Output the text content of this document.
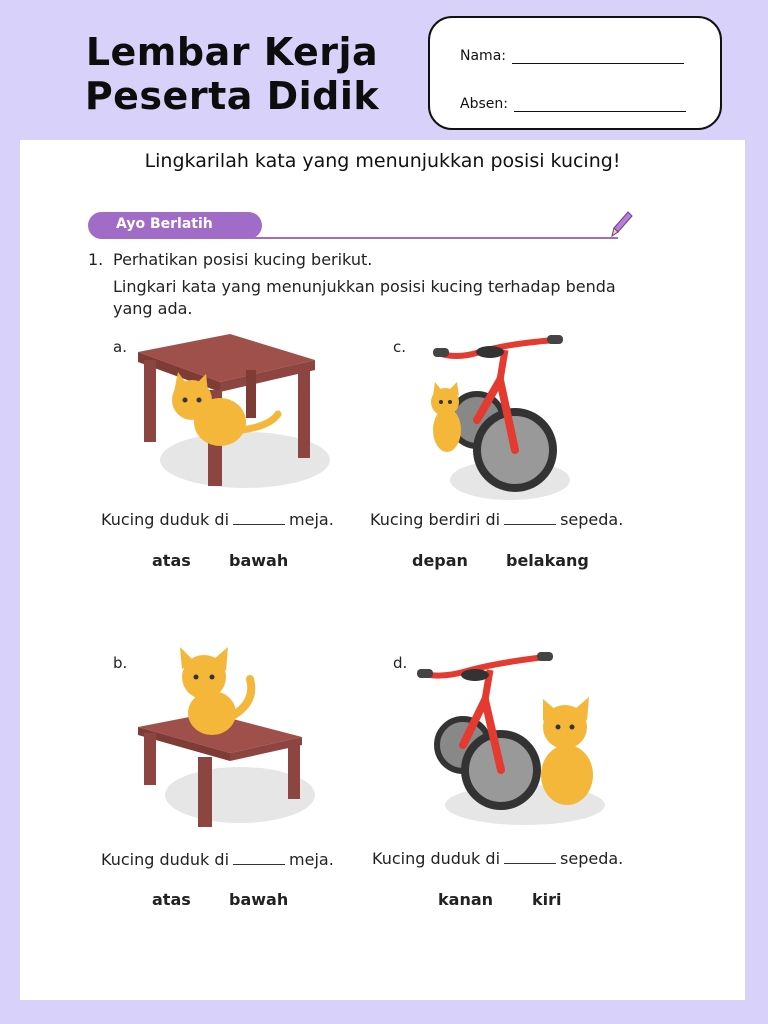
Lembar Kerja
Peserta Didik
Nama:
Absen:
Lingkarilah kata yang menunjukkan posisi kucing!
Ayo Berlatih
1. Perhatikan posisi kucing berikut.
Lingkari kata yang menunjukkan posisi kucing terhadap benda
yang ada.
a.
Kucing duduk di	meja.
atas bawah
c.
Kucing berdiri di	sepeda.
depan belakang
b.
Kucing duduk di	meja.
atas bawah
d.
Kucing duduk di	sepeda.
kanan kiri
